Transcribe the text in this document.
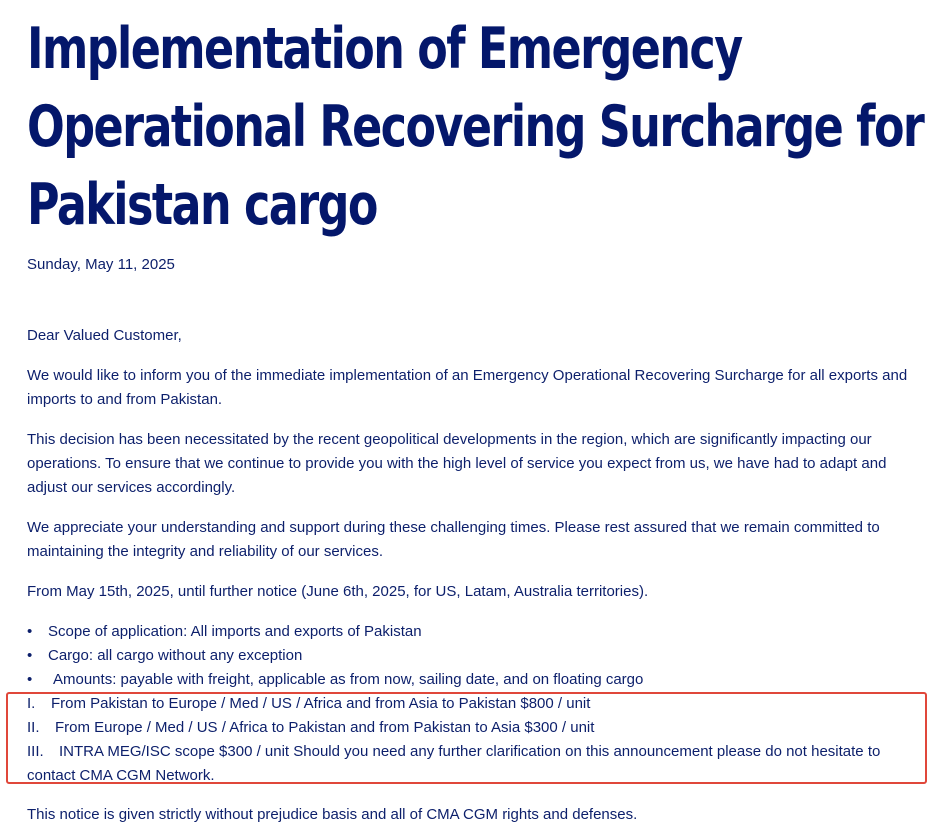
Implementation of Emergency Operational Recovering Surcharge for Pakistan cargo
Sunday, May 11, 2025

Dear Valued Customer,

We would like to inform you of the immediate implementation of an Emergency Operational Recovering Surcharge for all exports and imports to and from Pakistan.

This decision has been necessitated by the recent geopolitical developments in the region, which are significantly impacting our operations. To ensure that we continue to provide you with the high level of service you expect from us, we have had to adapt and adjust our services accordingly.

We appreciate your understanding and support during these challenging times. Please rest assured that we remain committed to maintaining the integrity and reliability of our services.

From May 15th, 2025, until further notice (June 6th, 2025, for US, Latam, Australia territories).

• Scope of application: All imports and exports of Pakistan
• Cargo: all cargo without any exception
• Amounts: payable with freight, applicable as from now, sailing date, and on floating cargo
I. From Pakistan to Europe / Med / US / Africa and from Asia to Pakistan $800 / unit
II. From Europe / Med / US / Africa to Pakistan and from Pakistan to Asia $300 / unit
III. INTRA MEG/ISC scope $300 / unit Should you need any further clarification on this announcement please do not hesitate to contact CMA CGM Network.

This notice is given strictly without prejudice basis and all of CMA CGM rights and defenses.
